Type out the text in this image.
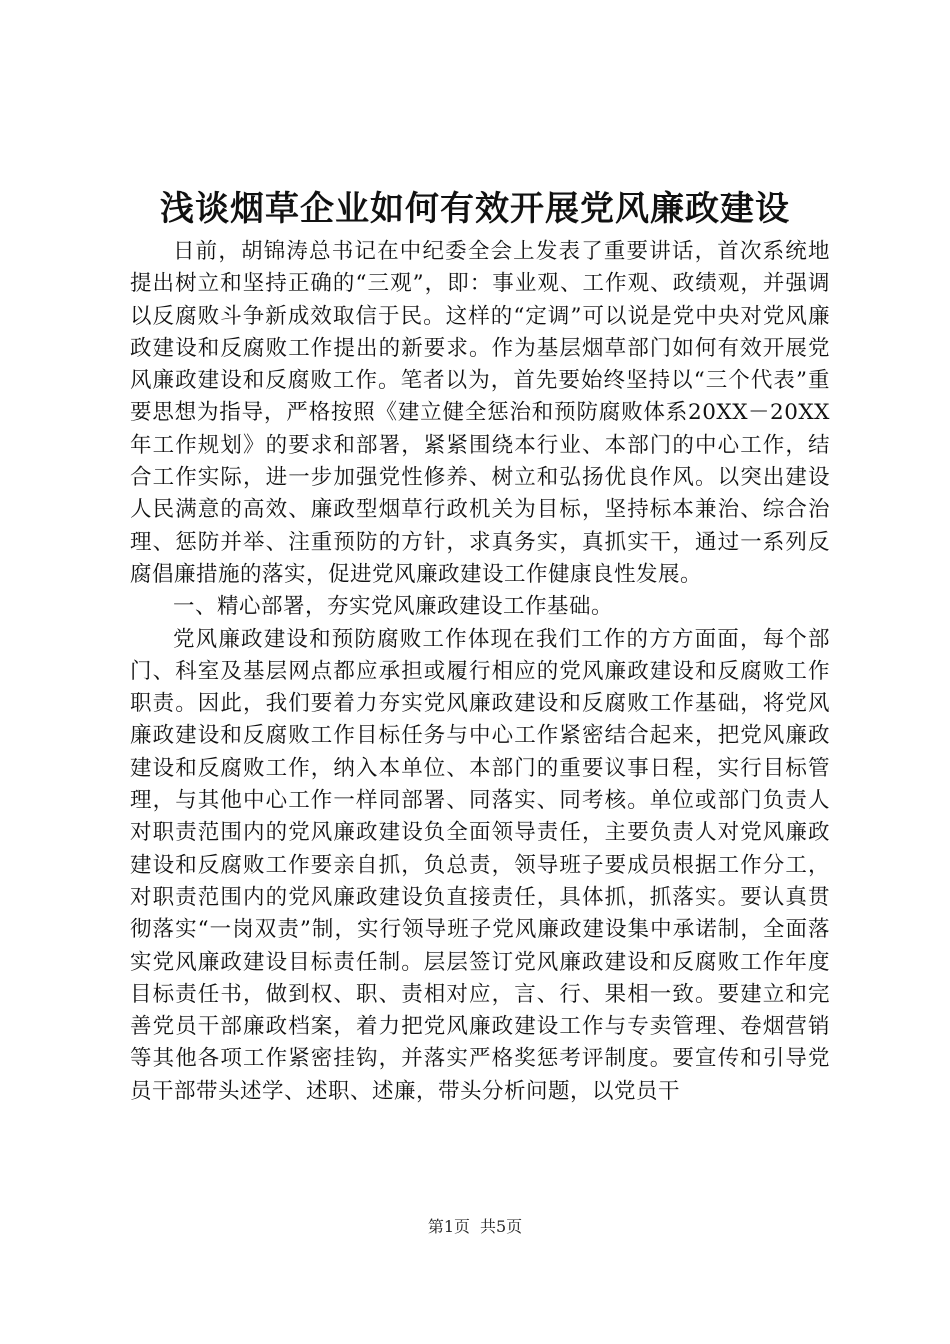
浅谈烟草企业如何有效开展党风廉政建设

日前，胡锦涛总书记在中纪委全会上发表了重要讲话，首次系统地提出树立和坚持正确的“三观”，即：事业观、工作观、政绩观，并强调以反腐败斗争新成效取信于民。这样的“定调”可以说是党中央对党风廉政建设和反腐败工作提出的新要求。作为基层烟草部门如何有效开展党风廉政建设和反腐败工作。笔者以为，首先要始终坚持以“三个代表”重要思想为指导，严格按照《建立健全惩治和预防腐败体系20XX－20XX年工作规划》的要求和部署，紧紧围绕本行业、本部门的中心工作，结合工作实际，进一步加强党性修养、树立和弘扬优良作风。以突出建设人民满意的高效、廉政型烟草行政机关为目标，坚持标本兼治、综合治理、惩防并举、注重预防的方针，求真务实，真抓实干，通过一系列反腐倡廉措施的落实，促进党风廉政建设工作健康良性发展。

一、精心部署，夯实党风廉政建设工作基础。

党风廉政建设和预防腐败工作体现在我们工作的方方面面，每个部门、科室及基层网点都应承担或履行相应的党风廉政建设和反腐败工作职责。因此，我们要着力夯实党风廉政建设和反腐败工作基础，将党风廉政建设和反腐败工作目标任务与中心工作紧密结合起来，把党风廉政建设和反腐败工作，纳入本单位、本部门的重要议事日程，实行目标管理，与其他中心工作一样同部署、同落实、同考核。单位或部门负责人对职责范围内的党风廉政建设负全面领导责任，主要负责人对党风廉政建设和反腐败工作要亲自抓，负总责，领导班子要成员根据工作分工，对职责范围内的党风廉政建设负直接责任，具体抓，抓落实。要认真贯彻落实“一岗双责”制，实行领导班子党风廉政建设集中承诺制，全面落实党风廉政建设目标责任制。层层签订党风廉政建设和反腐败工作年度目标责任书，做到权、职、责相对应，言、行、果相一致。要建立和完善党员干部廉政档案，着力把党风廉政建设工作与专卖管理、卷烟营销等其他各项工作紧密挂钩，并落实严格奖惩考评制度。要宣传和引导党员干部带头述学、述职、述廉，带头分析问题，以党员干

第1页 共5页
